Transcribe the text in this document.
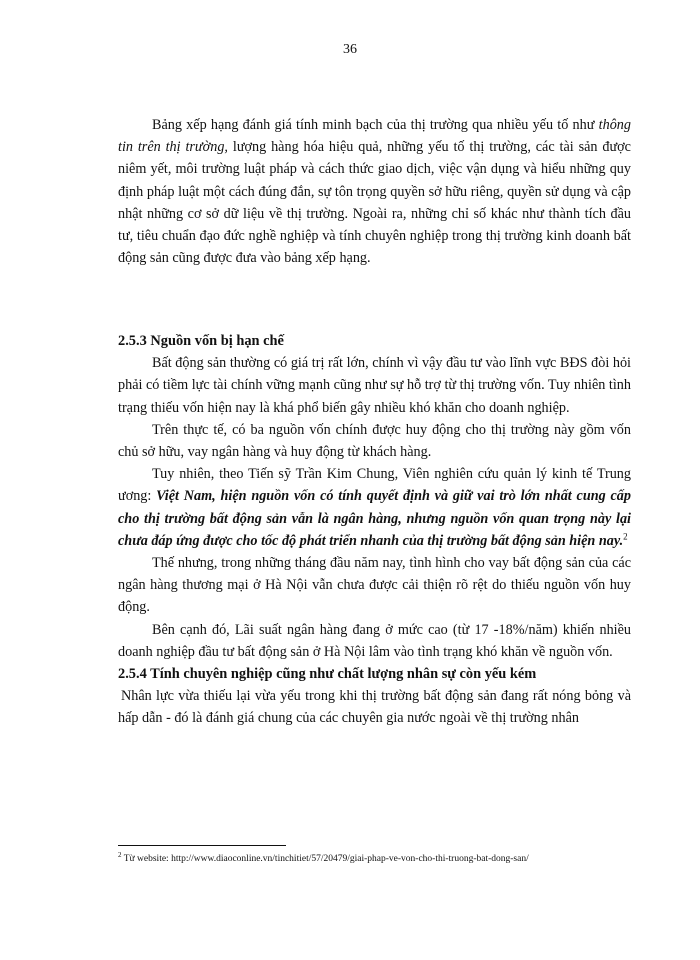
36

Bảng xếp hạng đánh giá tính minh bạch của thị trường qua nhiều yếu tố như thông tin trên thị trường, lượng hàng hóa hiệu quả, những yếu tố thị trường, các tài sản được niêm yết, môi trường luật pháp và cách thức giao dịch, việc vận dụng và hiểu những quy định pháp luật một cách đúng đắn, sự tôn trọng quyền sở hữu riêng, quyền sử dụng và cập nhật những cơ sở dữ liệu về thị trường. Ngoài ra, những chỉ số khác như thành tích đầu tư, tiêu chuẩn đạo đức nghề nghiệp và tính chuyên nghiệp trong thị trường kinh doanh bất động sản cũng được đưa vào bảng xếp hạng.

2.5.3 Nguồn vốn bị hạn chế

Bất động sản thường có giá trị rất lớn, chính vì vậy đầu tư vào lĩnh vực BĐS đòi hỏi phải có tiềm lực tài chính vững mạnh cũng như sự hỗ trợ từ thị trường vốn. Tuy nhiên tình trạng thiếu vốn hiện nay là khá phổ biến gây nhiều khó khăn cho doanh nghiệp.

Trên thực tế, có ba nguồn vốn chính được huy động cho thị trường này gồm vốn chủ sở hữu, vay ngân hàng và huy động từ khách hàng.

Tuy nhiên, theo Tiến sỹ Trần Kim Chung, Viên nghiên cứu quản lý kinh tế Trung ương: Việt Nam, hiện nguồn vốn có tính quyết định và giữ vai trò lớn nhất cung cấp cho thị trường bất động sản vẫn là ngân hàng, nhưng nguồn vốn quan trọng này lại chưa đáp ứng được cho tốc độ phát triển nhanh của thị trường bất động sản hiện nay.$^2$

Thế nhưng, trong những tháng đầu năm nay, tình hình cho vay bất động sản của các ngân hàng thương mại ở Hà Nội vẫn chưa được cải thiện rõ rệt do thiếu nguồn vốn huy động.

Bên cạnh đó, Lãi suất ngân hàng đang ở mức cao (từ 17 -18%/năm) khiến nhiều doanh nghiệp đầu tư bất động sản ở Hà Nội lâm vào tình trạng khó khăn về nguồn vốn.

2.5.4 Tính chuyên nghiệp cũng như chất lượng nhân sự còn yếu kém

Nhân lực vừa thiếu lại vừa yếu trong khi thị trường bất động sản đang rất nóng bỏng và hấp dẫn - đó là đánh giá chung của các chuyên gia nước ngoài về thị trường nhân

$^2$ Từ website: http://www.diaoconline.vn/tinchitiet/57/20479/giai-phap-ve-von-cho-thi-truong-bat-dong-san/
